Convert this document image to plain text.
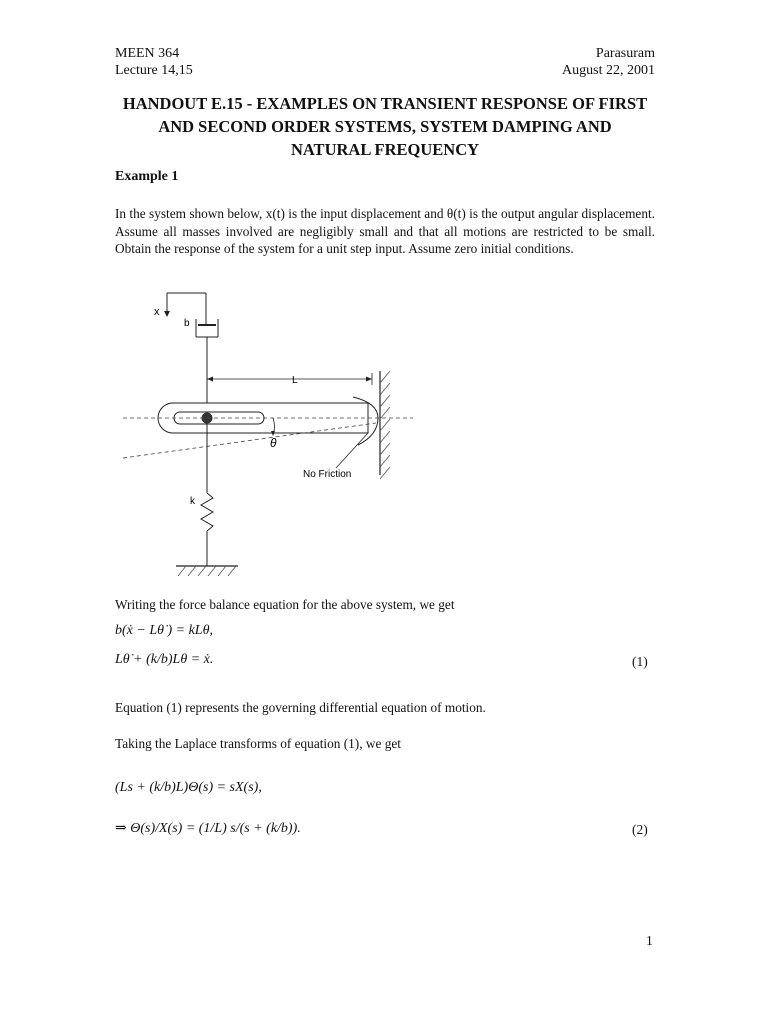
MEEN 364
Lecture 14,15
Parasuram
August 22, 2001
HANDOUT E.15 - EXAMPLES ON TRANSIENT RESPONSE OF FIRST
AND SECOND ORDER SYSTEMS, SYSTEM DAMPING AND
NATURAL FREQUENCY
Example 1
In the system shown below, x(t) is the input displacement and θ(t) is the output angular displacement. Assume all masses involved are negligibly small and that all motions are restricted to be small. Obtain the response of the system for a unit step input. Assume zero initial conditions.
x
b
L
θ
No Friction
k
Writing the force balance equation for the above system, we get
b(ẋ − Lθ̇ ) = kLθ,
Lθ̇ + (k/b)Lθ = ẋ.	(1)
Equation (1) represents the governing differential equation of motion.
Taking the Laplace transforms of equation (1), we get
(Ls + (k/b)L)Θ(s) = sX(s),
⇒ Θ(s)/X(s) = (1/L) s/(s + (k/b)).	(2)
1
